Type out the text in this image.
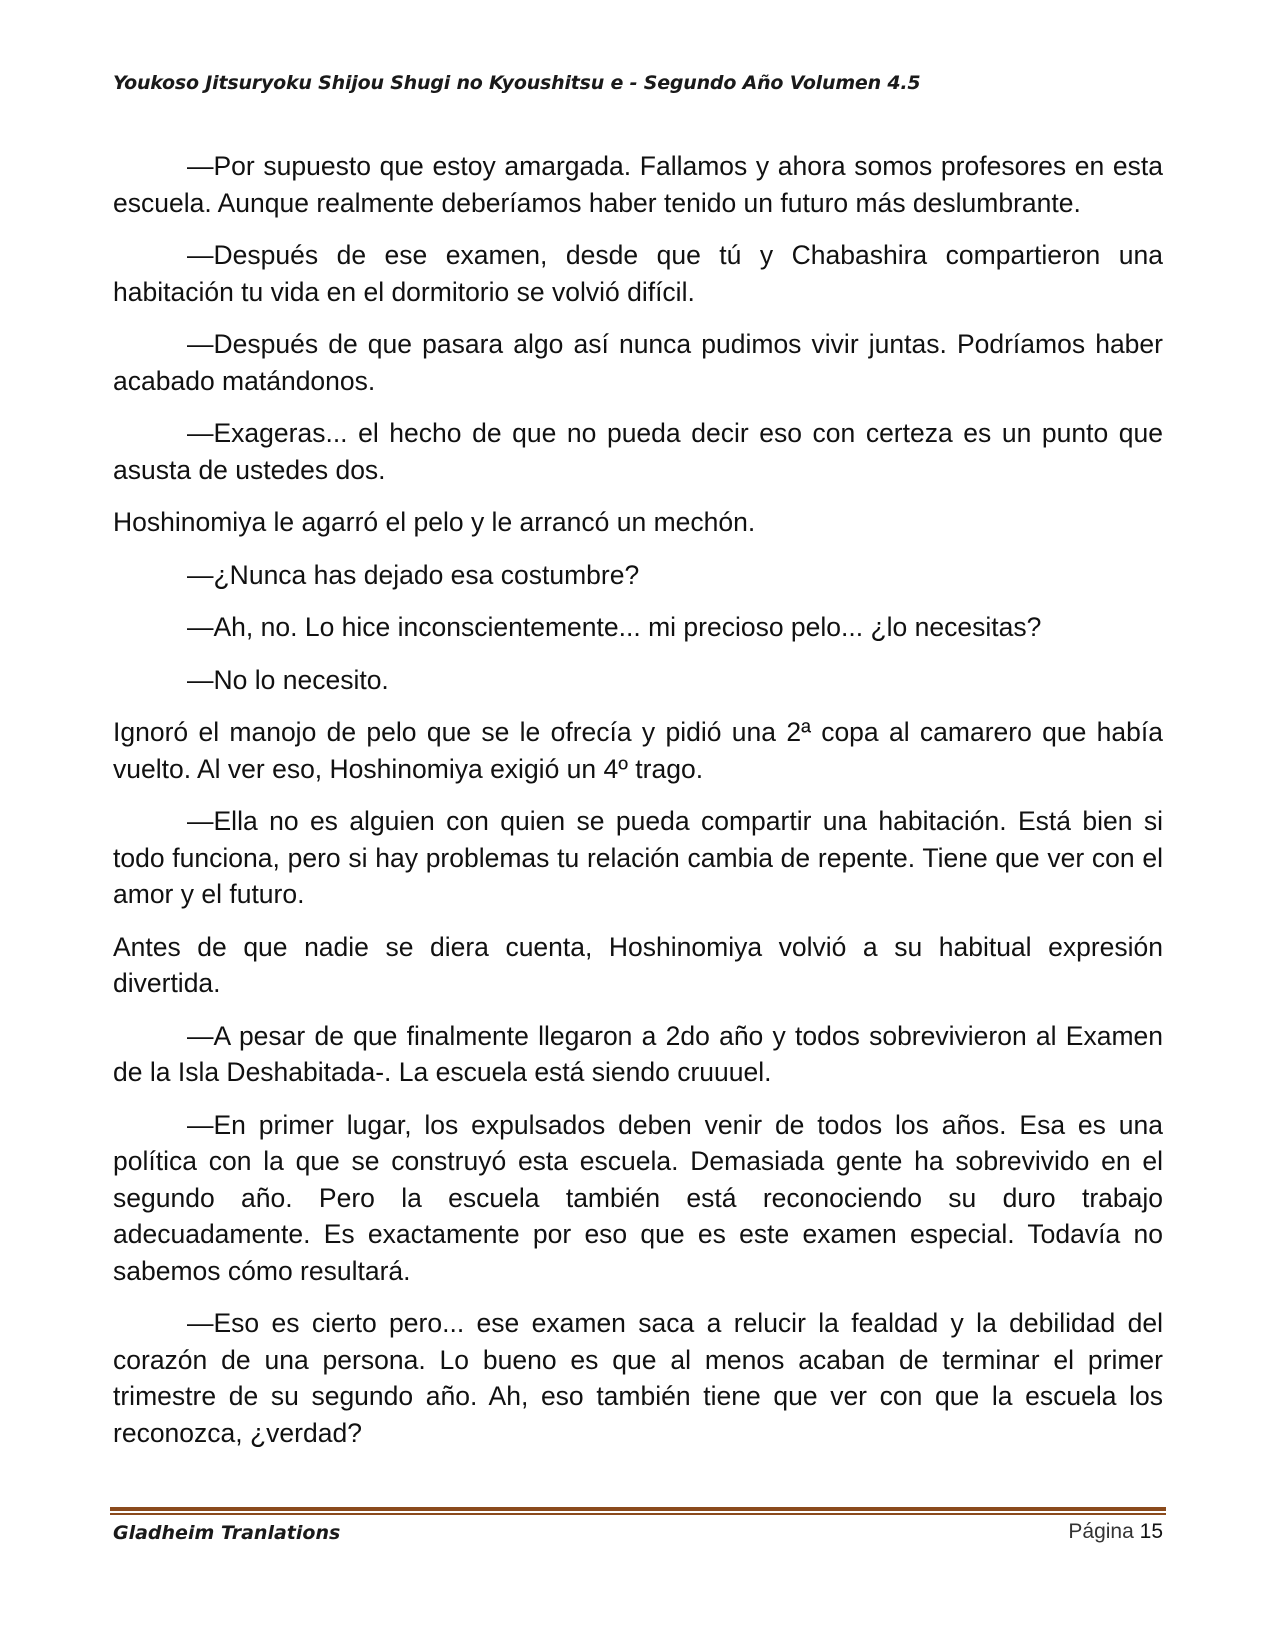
Youkoso Jitsuryoku Shijou Shugi no Kyoushitsu e - Segundo Año Volumen 4.5

—Por supuesto que estoy amargada. Fallamos y ahora somos profesores en esta escuela. Aunque realmente deberíamos haber tenido un futuro más deslumbrante.

—Después de ese examen, desde que tú y Chabashira compartieron una habitación tu vida en el dormitorio se volvió difícil.

—Después de que pasara algo así nunca pudimos vivir juntas. Podríamos haber acabado matándonos.

—Exageras... el hecho de que no pueda decir eso con certeza es un punto que asusta de ustedes dos.

Hoshinomiya le agarró el pelo y le arrancó un mechón.

—¿Nunca has dejado esa costumbre?

—Ah, no. Lo hice inconscientemente... mi precioso pelo... ¿lo necesitas?

—No lo necesito.

Ignoró el manojo de pelo que se le ofrecía y pidió una 2ª copa al camarero que había vuelto. Al ver eso, Hoshinomiya exigió un 4º trago.

—Ella no es alguien con quien se pueda compartir una habitación. Está bien si todo funciona, pero si hay problemas tu relación cambia de repente. Tiene que ver con el amor y el futuro.

Antes de que nadie se diera cuenta, Hoshinomiya volvió a su habitual expresión divertida.

—A pesar de que finalmente llegaron a 2do año y todos sobrevivieron al Examen de la Isla Deshabitada-. La escuela está siendo cruuuel.

—En primer lugar, los expulsados deben venir de todos los años. Esa es una política con la que se construyó esta escuela. Demasiada gente ha sobrevivido en el segundo año. Pero la escuela también está reconociendo su duro trabajo adecuadamente. Es exactamente por eso que es este examen especial. Todavía no sabemos cómo resultará.

—Eso es cierto pero... ese examen saca a relucir la fealdad y la debilidad del corazón de una persona. Lo bueno es que al menos acaban de terminar el primer trimestre de su segundo año. Ah, eso también tiene que ver con que la escuela los reconozca, ¿verdad?

Gladheim Tranlations	Página 15
